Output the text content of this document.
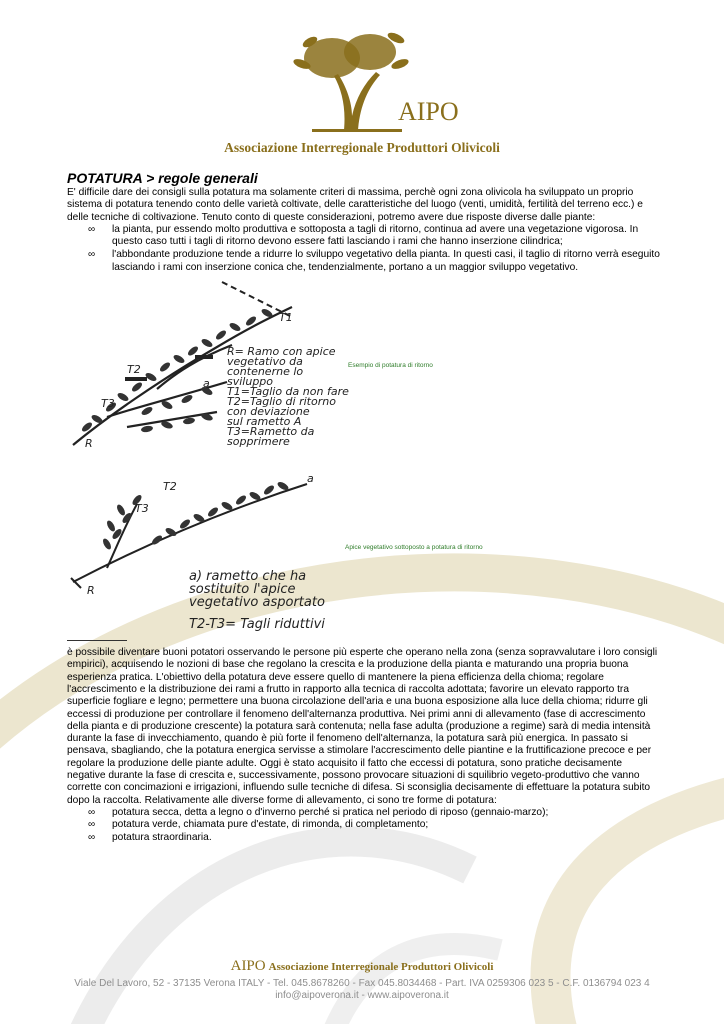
AIPO
Associazione Interregionale Produttori Olivicoli
POTATURA > regole generali

E' difficile dare dei consigli sulla potatura ma solamente criteri di massima, perchè ogni zona olivicola ha sviluppato un proprio sistema di potatura tenendo conto delle varietà coltivate, delle caratteristiche del luogo (venti, umidità, fertilità del terreno ecc.) e delle tecniche di coltivazione. Tenuto conto di queste considerazioni, potremo avere due risposte diverse dalle piante:

∞ la pianta, pur essendo molto produttiva e sottoposta a tagli di ritorno, continua ad avere una vegetazione vigorosa. In questo caso tutti i tagli di ritorno devono essere fatti lasciando i rami che hanno inserzione cilindrica;
∞ l'abbondante produzione tende a ridurre lo sviluppo vegetativo della pianta. In questi casi, il taglio di ritorno verrà eseguito lasciando i rami con inserzione conica che, tendenzialmente, portano a un maggior sviluppo vegetativo.
T1
R
a
T2
T3
R= Ramo con apice
vegetativo da
contenerne lo
sviluppo
T1=Taglio da non fare
T2=Taglio di ritorno
con deviazione
sul rametto A
T3=Rametto da
sopprimere
Esempio di potatura di ritorno
T2
T3
R
a
a) rametto che ha
sostituito l'apice
vegetativo asportato
T2-T3= Tagli riduttivi
Apice vegetativo sottoposto a potatura di ritorno

è possibile diventare buoni potatori osservando le persone più esperte che operano nella zona (senza sopravvalutare i loro consigli empirici), acquisendo le nozioni di base che regolano la crescita e la produzione della pianta e maturando una propria buona esperienza pratica. L'obiettivo della potatura deve essere quello di mantenere la piena efficienza della chioma; regolare l'accrescimento e la distribuzione dei rami a frutto in rapporto alla tecnica di raccolta adottata; favorire un elevato rapporto tra superficie fogliare e legno; permettere una buona circolazione dell'aria e una buona esposizione alla luce della chioma; ridurre gli eccessi di produzione per controllare il fenomeno dell'alternanza produttiva. Nei primi anni di allevamento (fase di accrescimento della pianta e di produzione crescente) la potatura sarà contenuta; nella fase adulta (produzione a regime) sarà di media intensità durante la fase di invecchiamento, quando è più forte il fenomeno dell'alternanza, la potatura sarà più energica. In passato si pensava, sbagliando, che la potatura energica servisse a stimolare l'accrescimento delle piantine e la fruttificazione precoce e per regolare la produzione delle piante adulte. Oggi è stato acquisito il fatto che eccessi di potatura, sono pratiche decisamente negative durante la fase di crescita e, successivamente, possono provocare situazioni di squilibrio vegeto-produttivo che vanno corrette con concimazioni e irrigazioni, influendo sulle tecniche di difesa. Si sconsiglia decisamente di effettuare la potatura subito dopo la raccolta. Relativamente alle diverse forme di allevamento, ci sono tre forme di potatura:

∞ potatura secca, detta a legno o d'inverno perché si pratica nel periodo di riposo (gennaio-marzo);
∞ potatura verde, chiamata pure d'estate, di rimonda, di completamento;
∞ potatura straordinaria.
AIPO Associazione Interregionale Produttori Olivicoli
Viale Del Lavoro, 52 - 37135 Verona ITALY - Tel. 045.8678260 - Fax 045.8034468 - Part. IVA 0259306 023 5 - C.F. 0136794 023 4
info@aipoverona.it - www.aipoverona.it
